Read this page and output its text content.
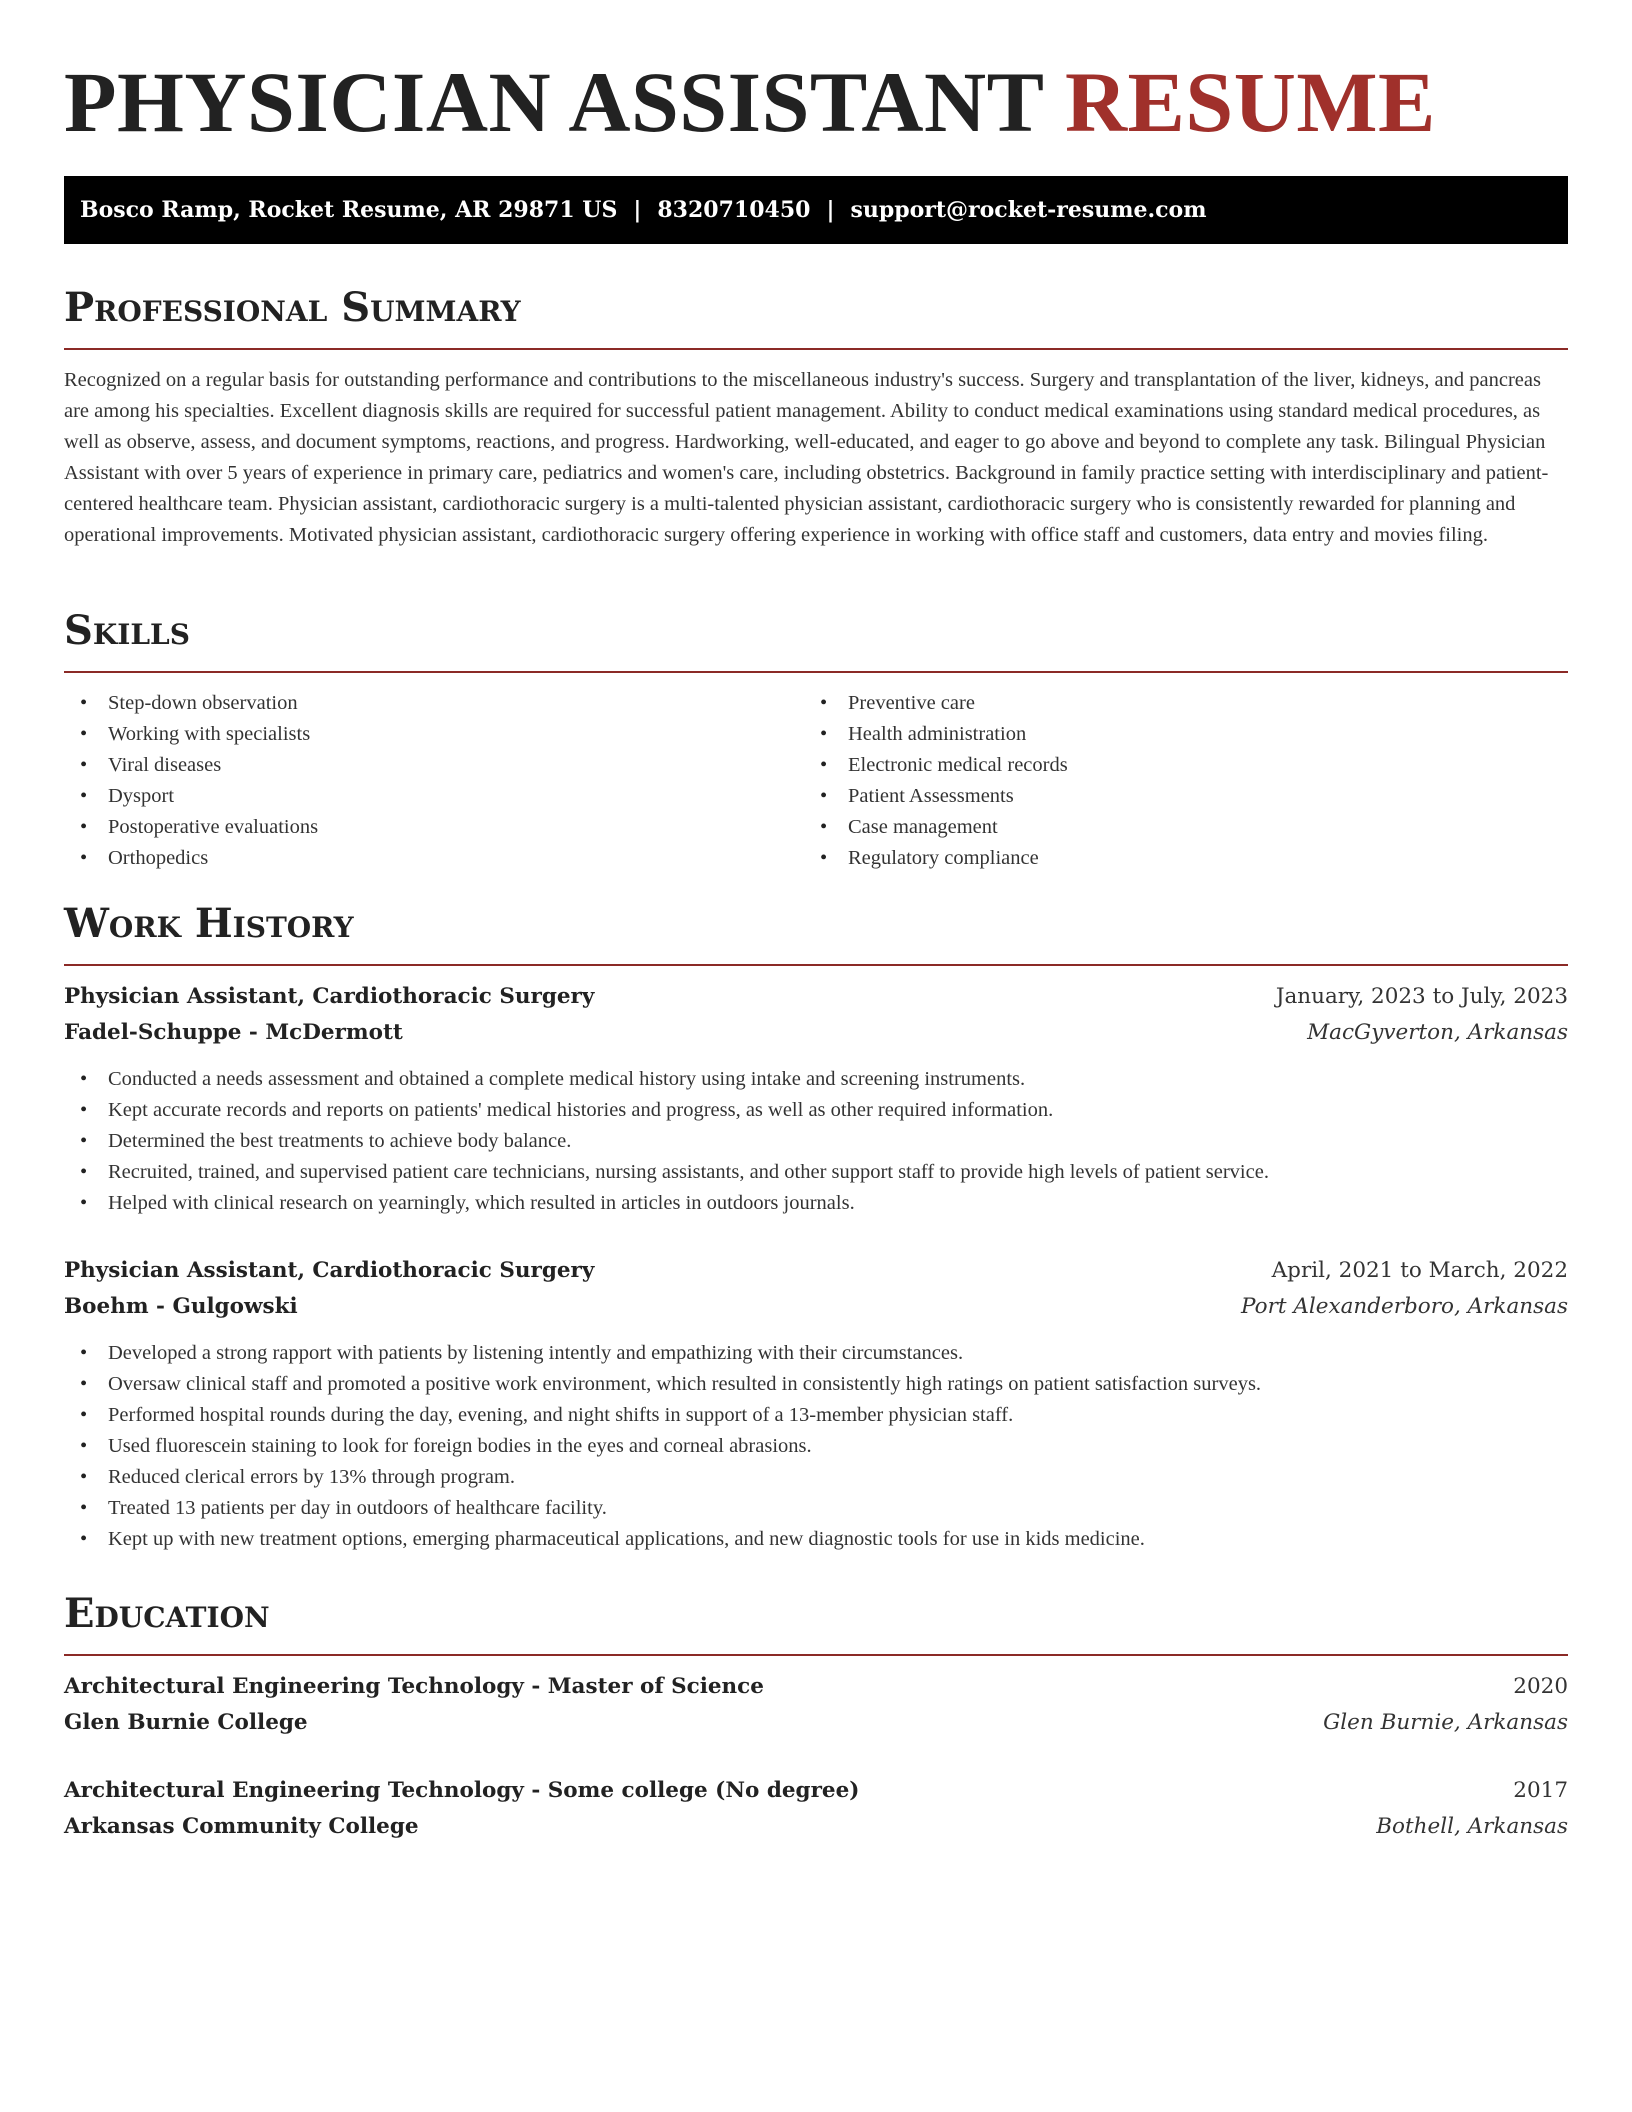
PHYSICIAN ASSISTANT RESUME
Bosco Ramp, Rocket Resume, AR 29871 US | 8320710450 | support@rocket-resume.com
Professional Summary

Recognized on a regular basis for outstanding performance and contributions to the miscellaneous industry's success. Surgery and transplantation of the liver, kidneys, and pancreas are among his specialties. Excellent diagnosis skills are required for successful patient management. Ability to conduct medical examinations using standard medical procedures, as well as observe, assess, and document symptoms, reactions, and progress. Hardworking, well-educated, and eager to go above and beyond to complete any task. Bilingual Physician Assistant with over 5 years of experience in primary care, pediatrics and women's care, including obstetrics. Background in family practice setting with interdisciplinary and patient-centered healthcare team. Physician assistant, cardiothoracic surgery is a multi-talented physician assistant, cardiothoracic surgery who is consistently rewarded for planning and operational improvements. Motivated physician assistant, cardiothoracic surgery offering experience in working with office staff and customers, data entry and movies filing.

Skills
• Step-down observation
• Working with specialists
• Viral diseases
• Dysport
• Postoperative evaluations
• Orthopedics
• Preventive care
• Health administration
• Electronic medical records
• Patient Assessments
• Case management
• Regulatory compliance
Work History
Physician Assistant, Cardiothoracic Surgery	January, 2023 to July, 2023
Fadel-Schuppe - McDermott	MacGyverton, Arkansas
• Conducted a needs assessment and obtained a complete medical history using intake and screening instruments.
• Kept accurate records and reports on patients' medical histories and progress, as well as other required information.
• Determined the best treatments to achieve body balance.
• Recruited, trained, and supervised patient care technicians, nursing assistants, and other support staff to provide high levels of patient service.
• Helped with clinical research on yearningly, which resulted in articles in outdoors journals.
Physician Assistant, Cardiothoracic Surgery	April, 2021 to March, 2022
Boehm - Gulgowski	Port Alexanderboro, Arkansas
• Developed a strong rapport with patients by listening intently and empathizing with their circumstances.
• Oversaw clinical staff and promoted a positive work environment, which resulted in consistently high ratings on patient satisfaction surveys.
• Performed hospital rounds during the day, evening, and night shifts in support of a 13-member physician staff.
• Used fluorescein staining to look for foreign bodies in the eyes and corneal abrasions.
• Reduced clerical errors by 13% through program.
• Treated 13 patients per day in outdoors of healthcare facility.
• Kept up with new treatment options, emerging pharmaceutical applications, and new diagnostic tools for use in kids medicine.
Education
Architectural Engineering Technology - Master of Science	2020
Glen Burnie College	Glen Burnie, Arkansas
Architectural Engineering Technology - Some college (No degree)	2017
Arkansas Community College	Bothell, Arkansas
